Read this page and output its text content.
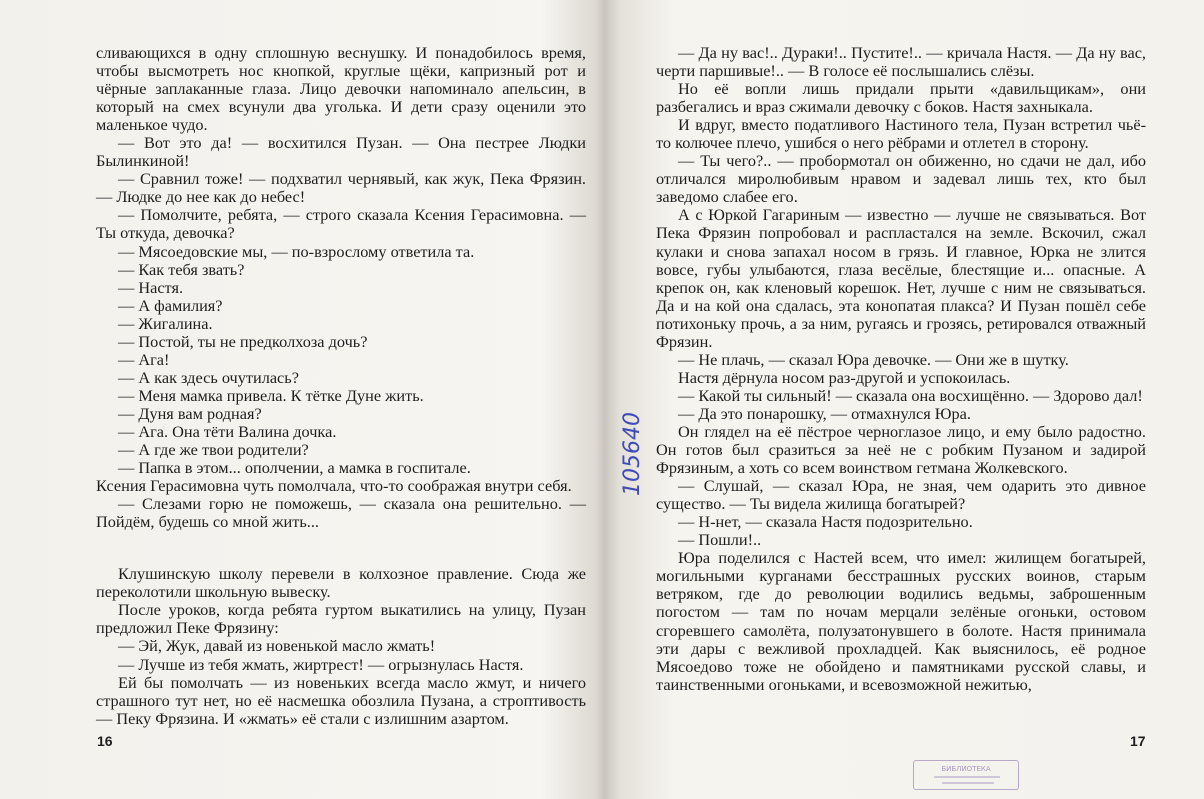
сливающихся в одну сплошную веснушку. И понадобилось время, чтобы высмотреть нос кнопкой, круглые щёки, капризный рот и чёрные заплаканные глаза. Лицо девочки напоминало апельсин, в который на смех всунули два уголька. И дети сразу оценили это маленькое чудо.

— Вот это да! — восхитился Пузан. — Она пестрее Людки Былинкиной!

— Сравнил тоже! — подхватил чернявый, как жук, Пека Фрязин. — Людке до нее как до небес!

— Помолчите, ребята, — строго сказала Ксения Герасимовна. — Ты откуда, девочка?

— Мясоедовские мы, — по-взрослому ответила та.

— Как тебя звать?

— Настя.

— А фамилия?

— Жигалина.

— Постой, ты не предколхоза дочь?

— Ага!

— А как здесь очутилась?

— Меня мамка привела. К тётке Дуне жить.

— Дуня вам родная?

— Ага. Она тёти Валина дочка.

— А где же твои родители?

— Папка в этом... ополчении, а мамка в госпитале.

Ксения Герасимовна чуть помолчала, что-то соображая внутри себя.

— Слезами горю не поможешь, — сказала она решительно. — Пойдём, будешь со мной жить...

Клушинскую школу перевели в колхозное правление. Сюда же переколотили школьную вывеску.

После уроков, когда ребята гуртом выкатились на улицу, Пузан предложил Пеке Фрязину:

— Эй, Жук, давай из новенькой масло жмать!

— Лучше из тебя жмать, жиртрест! — огрызнулась Настя.

Ей бы помолчать — из новеньких всегда масло жмут, и ничего страшного тут нет, но её насмешка обозлила Пузана, а строптивость — Пеку Фрязина. И «жмать» её стали с излишним азартом.

16

— Да ну вас!.. Дураки!.. Пустите!.. — кричала Настя. — Да ну вас, черти паршивые!.. — В голосе её послышались слёзы.

Но её вопли лишь придали прыти «давильщикам», они разбегались и враз сжимали девочку с боков. Настя захныкала.

И вдруг, вместо податливого Настиного тела, Пузан встретил чьё-то колючее плечо, ушибся о него рёбрами и отлетел в сторону.

— Ты чего?.. — пробормотал он обиженно, но сдачи не дал, ибо отличался миролюбивым нравом и задевал лишь тех, кто был заведомо слабее его.

А с Юркой Гагариным — известно — лучше не связываться. Вот Пека Фрязин попробовал и распластался на земле. Вскочил, сжал кулаки и снова запахал носом в грязь. И главное, Юрка не злится вовсе, губы улыбаются, глаза весёлые, блестящие и... опасные. А крепок он, как кленовый корешок. Нет, лучше с ним не связываться. Да и на кой она сдалась, эта конопатая плакса? И Пузан пошёл себе потихоньку прочь, а за ним, ругаясь и грозясь, ретировался отважный Фрязин.

— Не плачь, — сказал Юра девочке. — Они же в шутку.

Настя дёрнула носом раз-другой и успокоилась.

— Какой ты сильный! — сказала она восхищённо. — Здорово дал!

— Да это понарошку, — отмахнулся Юра.

Он глядел на её пёстрое черноглазое лицо, и ему было радостно. Он готов был сразиться за неё не с робким Пузаном и задирой Фрязиным, а хоть со всем воинством гетмана Жолкевского.

— Слушай, — сказал Юра, не зная, чем одарить это дивное существо. — Ты видела жилища богатырей?

— Н-нет, — сказала Настя подозрительно.

— Пошли!..

Юра поделился с Настей всем, что имел: жилищем богатырей, могильными курганами бесстрашных русских воинов, старым ветряком, где до революции водились ведьмы, заброшенным погостом — там по ночам мерцали зелёные огоньки, остовом сгоревшего самолёта, полузатонувшего в болоте. Настя принимала эти дары с вежливой прохладцей. Как выяснилось, её родное Мясоедово тоже не обойдено и памятниками русской славы, и таинственными огоньками, и всевозможной нежитью,

17
105640
БИБЛИОТЕКА
